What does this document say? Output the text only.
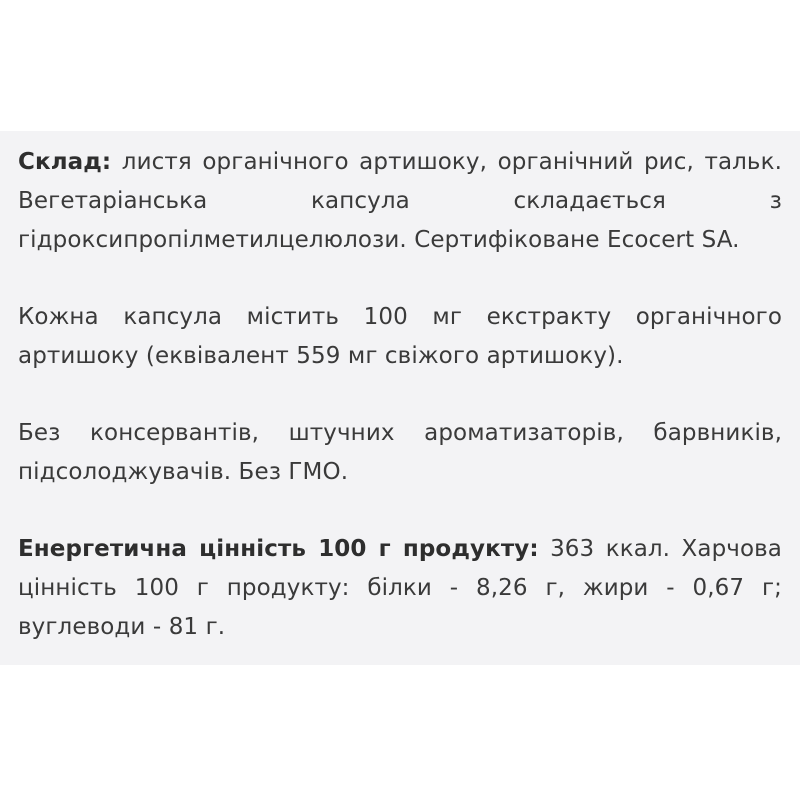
Склад: листя органічного артишоку, органічний рис, тальк. Вегетаріанська капсула складається з гідроксипропілметилцелюлози. Сертифіковане Ecocert SA.

Кожна капсула містить 100 мг екстракту органічного артишоку (еквівалент 559 мг свіжого артишоку).

Без консервантів, штучних ароматизаторів, барвників, підсолоджувачів. Без ГМО.

Енергетична цінність 100 г продукту: 363 ккал. Харчова цінність 100 г продукту: білки - 8,26 г, жири - 0,67 г; вуглеводи - 81 г.
